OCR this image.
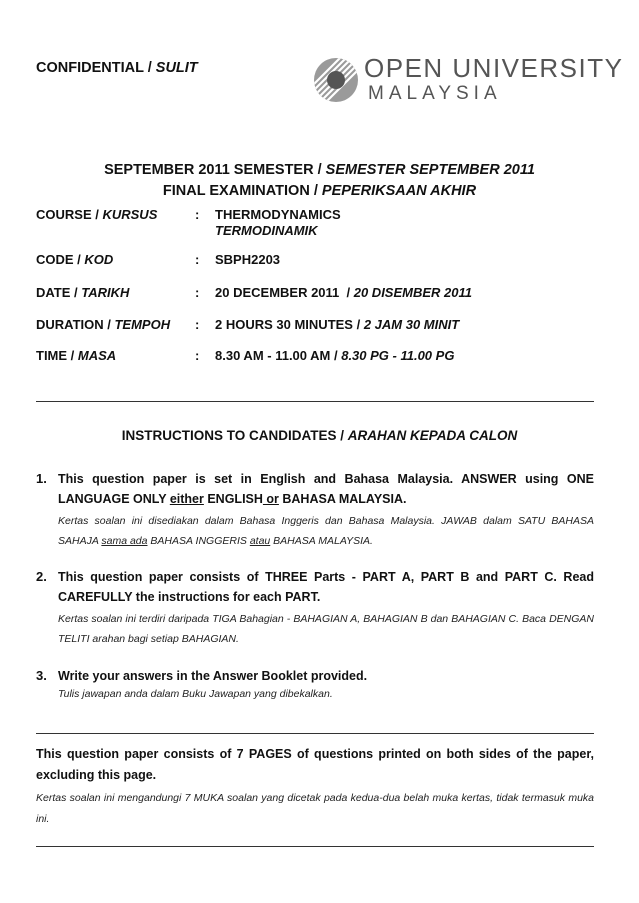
CONFIDENTIAL / SULIT	OPEN UNIVERSITY
MALAYSIA
SEPTEMBER 2011 SEMESTER / SEMESTER SEPTEMBER 2011
FINAL EXAMINATION / PEPERIKSAAN AKHIR
COURSE / KURSUS	: THERMODYNAMICS
TERMODINAMIK
CODE / KOD	: SBPH2203
DATE / TARIKH	: 20 DECEMBER 2011  / 20 DISEMBER 2011
DURATION / TEMPOH : 2 HOURS 30 MINUTES / 2 JAM 30 MINIT
TIME / MASA	: 8.30 AM - 11.00 AM / 8.30 PG - 11.00 PG
INSTRUCTIONS TO CANDIDATES / ARAHAN KEPADA CALON
1. This question paper is set in English and Bahasa Malaysia. ANSWER using ONE LANGUAGE ONLY either ENGLISH or BAHASA MALAYSIA.
Kertas soalan ini disediakan dalam Bahasa Inggeris dan Bahasa Malaysia. JAWAB dalam SATU BAHASA SAHAJA sama ada BAHASA INGGERIS atau BAHASA MALAYSIA.
2. This question paper consists of THREE Parts - PART A, PART B and PART C. Read CAREFULLY the instructions for each PART.
Kertas soalan ini terdiri daripada TIGA Bahagian - BAHAGIAN A, BAHAGIAN B dan BAHAGIAN C. Baca DENGAN TELITI arahan bagi setiap BAHAGIAN.
3. Write your answers in the Answer Booklet provided.
Tulis jawapan anda dalam Buku Jawapan yang dibekalkan.
This question paper consists of 7 PAGES of questions printed on both sides of the paper, excluding this page.
Kertas soalan ini mengandungi 7 MUKA soalan yang dicetak pada kedua-dua belah muka kertas, tidak termasuk muka ini.
